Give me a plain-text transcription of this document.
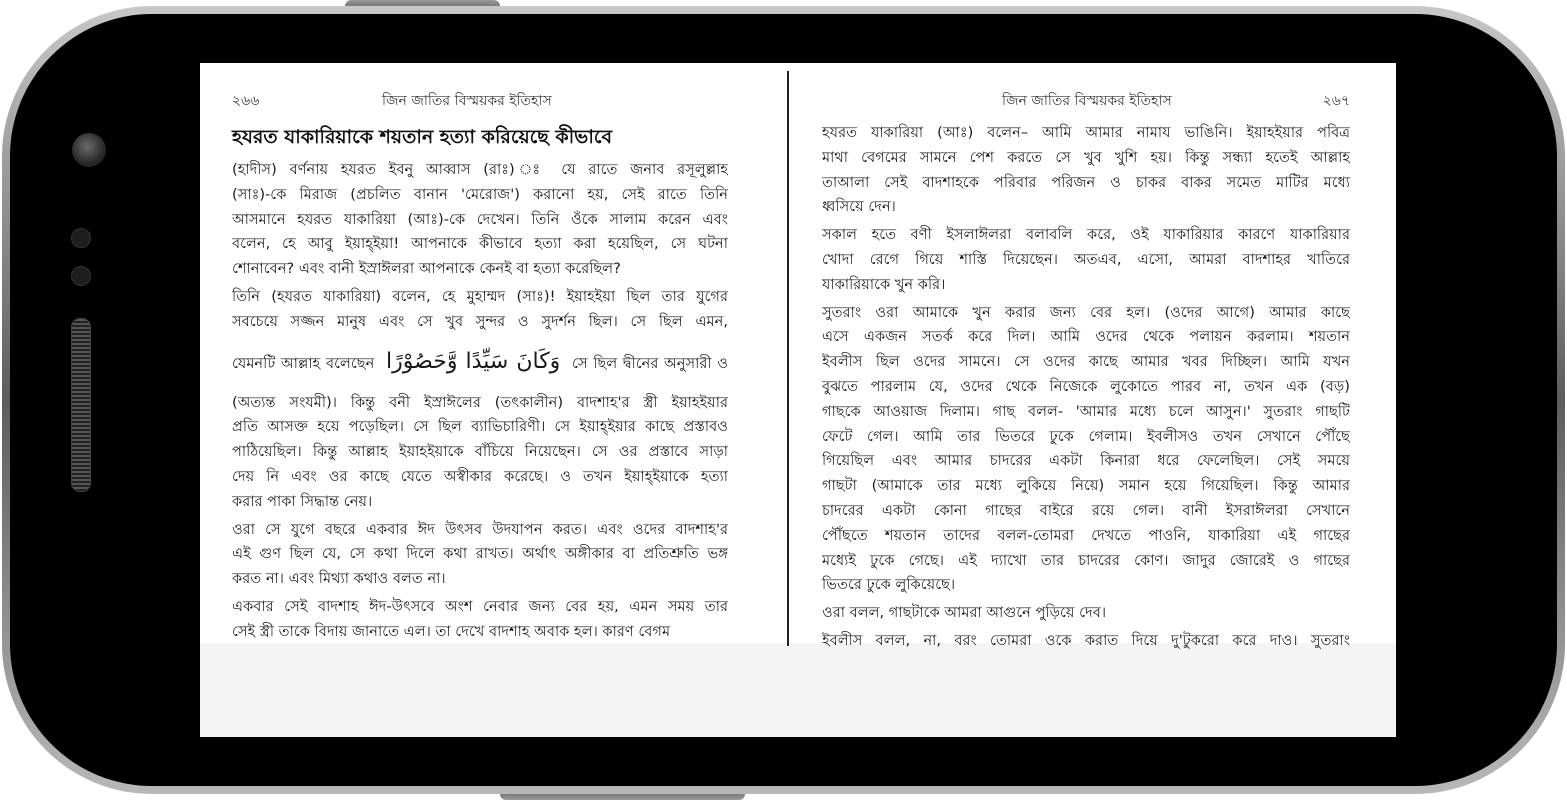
২৬৬	জিন জাতির বিস্ময়কর ইতিহাস
হযরত যাকারিয়াকে শয়তান হত্যা করিয়েছে কীভাবে
(হাদীস) বর্ণনায় হযরত ইবনু আব্বাস (রাঃ) ঃ যে রাতে জনাব রসূলুল্লাহ
(সাঃ)-কে মিরাজ (প্রচলিত বানান 'মেরোজ') করানো হয়, সেই রাতে তিনি
আসমানে হযরত যাকারিয়া (আঃ)-কে দেখেন। তিনি ওঁকে সালাম করেন এবং
বলেন, হে আবু ইয়াহ্ইয়া! আপনাকে কীভাবে হত্যা করা হয়েছিল, সে ঘটনা
শোনাবেন? এবং বানী ইস্রাঈলরা আপনাকে কেনই বা হত্যা করেছিল?
তিনি (হযরত যাকারিয়া) বলেন, হে মুহাম্মদ (সাঃ)! ইয়াহইয়া ছিল তার যুগের
সবচেয়ে সজ্জন মানুষ এবং সে খুব সুন্দর ও সুদর্শন ছিল। সে ছিল এমন,
যেমনটি আল্লাহ বলেছেন وَكَانَ سَيِّدًا وَّحَصُوْرًا সে ছিল দ্বীনের অনুসারী ও
(অত্যন্ত সংযমী)। কিন্তু বনী ইস্রাঈলের (তৎকালীন) বাদশাহ'র স্ত্রী ইয়াহইয়ার
প্রতি আসক্ত হয়ে পড়েছিল। সে ছিল ব্যাভিচারিণী। সে ইয়াহ্ইয়ার কাছে প্রস্তাবও
পাঠিয়েছিল। কিন্তু আল্লাহ ইয়াহইয়াকে বাঁচিয়ে নিয়েছেন। সে ওর প্রস্তাবে সাড়া
দেয় নি এবং ওর কাছে যেতে অস্বীকার করেছে। ও তখন ইয়াহ্ইয়াকে হত্যা
করার পাকা সিদ্ধান্ত নেয়।
ওরা সে যুগে বছরে একবার ঈদ উৎসব উদযাপন করত। এবং ওদের বাদশাহ'র
এই গুণ ছিল যে, সে কথা দিলে কথা রাখত। অর্থাৎ অঙ্গীকার বা প্রতিশ্রুতি ভঙ্গ
করত না। এবং মিথ্যা কথাও বলত না।
একবার সেই বাদশাহ ঈদ-উৎসবে অংশ নেবার জন্য বের হয়, এমন সময় তার
সেই স্ত্রী তাকে বিদায় জানাতে এল। তা দেখে বাদশাহ অবাক হল। কারণ বেগম
জিন জাতির বিস্ময়কর ইতিহাস	২৬৭
হযরত যাকারিয়া (আঃ) বলেন– আমি আমার নামায ভাঙিনি। ইয়াহইয়ার পবিত্র
মাথা বেগমের সামনে পেশ করতে সে খুব খুশি হয়। কিন্তু সন্ধ্যা হতেই আল্লাহ
তাআলা সেই বাদশাহকে পরিবার পরিজন ও চাকর বাকর সমেত মাটির মধ্যে
ধ্বসিয়ে দেন।
সকাল হতে বণী ইসলাঈলরা বলাবলি করে, ওই যাকারিয়ার কারণে যাকারিয়ার
খোদা রেগে গিয়ে শাস্তি দিয়েছেন। অতএব, এসো, আমরা বাদশাহর খাতিরে
যাকারিয়াকে খুন করি।
সুতরাং ওরা আমাকে খুন করার জন্য বের হল। (ওদের আগে) আমার কাছে
এসে একজন সতর্ক করে দিল। আমি ওদের থেকে পলায়ন করলাম। শয়তান
ইবলীস ছিল ওদের সামনে। সে ওদের কাছে আমার খবর দিচ্ছিল। আমি যখন
বুঝতে পারলাম যে, ওদের থেকে নিজেকে লুকোতে পারব না, তখন এক (বড়)
গাছকে আওয়াজ দিলাম। গাছ বলল- 'আমার মধ্যে চলে আসুন।' সুতরাং গাছটি
ফেটে গেল। আমি তার ভিতরে ঢুকে গেলাম। ইবলীসও তখন সেখানে পৌঁছে
গিয়েছিল এবং আমার চাদরের একটা কিনারা ধরে ফেলেছিল। সেই সময়ে
গাছটা (আমাকে তার মধ্যে লুকিয়ে নিয়ে) সমান হয়ে গিয়েছিল। কিন্তু আমার
চাদরের একটা কোনা গাছের বাইরে রয়ে গেল। বানী ইসরাঈলরা সেখানে
পৌঁছতে শয়তান তাদের বলল-তোমরা দেখতে পাওনি, যাকারিয়া এই গাছের
মধ্যেই ঢুকে গেছে। এই দ্যাখো তার চাদরের কোণ। জাদুর জোরেই ও গাছের
ভিতরে ঢুকে লুকিয়েছে।
ওরা বলল, গাছটাকে আমরা আগুনে পুড়িয়ে দেব।
ইবলীস বলল, না, বরং তোমরা ওকে করাত দিয়ে দু'টুকরো করে দাও। সুতরাং
